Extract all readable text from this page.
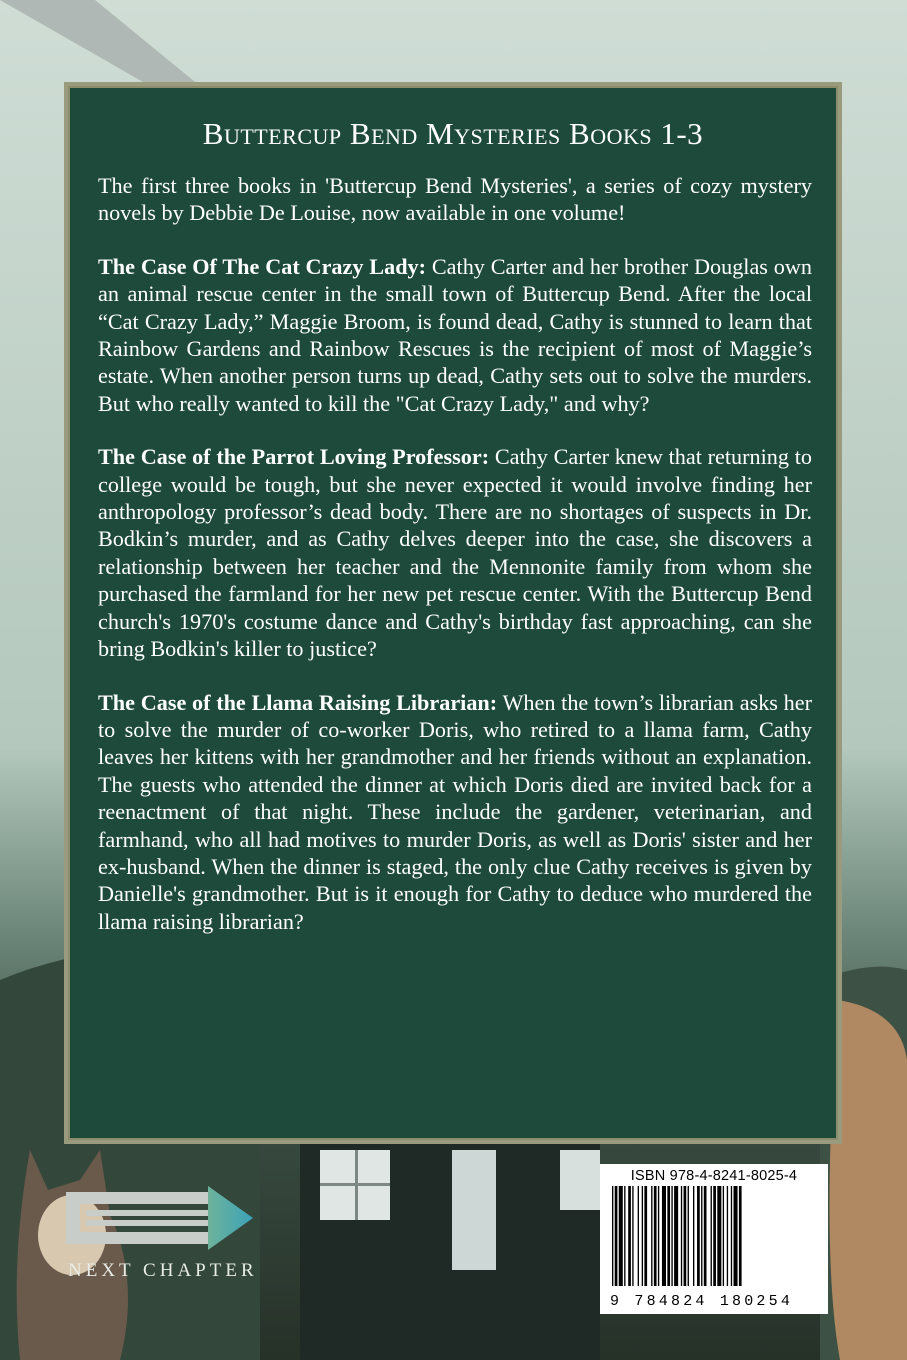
Buttercup Bend Mysteries Books 1-3

The first three books in 'Buttercup Bend Mysteries', a series of cozy mystery novels by Debbie De Louise, now available in one volume!

The Case Of The Cat Crazy Lady: Cathy Carter and her brother Douglas own an animal rescue center in the small town of Buttercup Bend. After the local “Cat Crazy Lady,” Maggie Broom, is found dead, Cathy is stunned to learn that Rainbow Gardens and Rainbow Rescues is the recipient of most of Maggie’s estate. When another person turns up dead, Cathy sets out to solve the murders. But who really wanted to kill the "Cat Crazy Lady," and why?

The Case of the Parrot Loving Professor: Cathy Carter knew that returning to college would be tough, but she never expected it would involve finding her anthropology professor’s dead body. There are no shortages of suspects in Dr. Bodkin’s murder, and as Cathy delves deeper into the case, she discovers a relationship between her teacher and the Mennonite family from whom she purchased the farmland for her new pet rescue center. With the Buttercup Bend church's 1970's costume dance and Cathy's birthday fast approaching, can she bring Bodkin's killer to justice?

The Case of the Llama Raising Librarian: When the town’s librarian asks her to solve the murder of co-worker Doris, who retired to a llama farm, Cathy leaves her kittens with her grandmother and her friends without an explanation. The guests who attended the dinner at which Doris died are invited back for a reenactment of that night. These include the gardener, veterinarian, and farmhand, who all had motives to murder Doris, as well as Doris' sister and her ex-husband. When the dinner is staged, the only clue Cathy receives is given by Danielle's grandmother. But is it enough for Cathy to deduce who murdered the llama raising librarian?

NEXT CHAPTER
ISBN 978-4-8241-8025-4
9 784824 180254
